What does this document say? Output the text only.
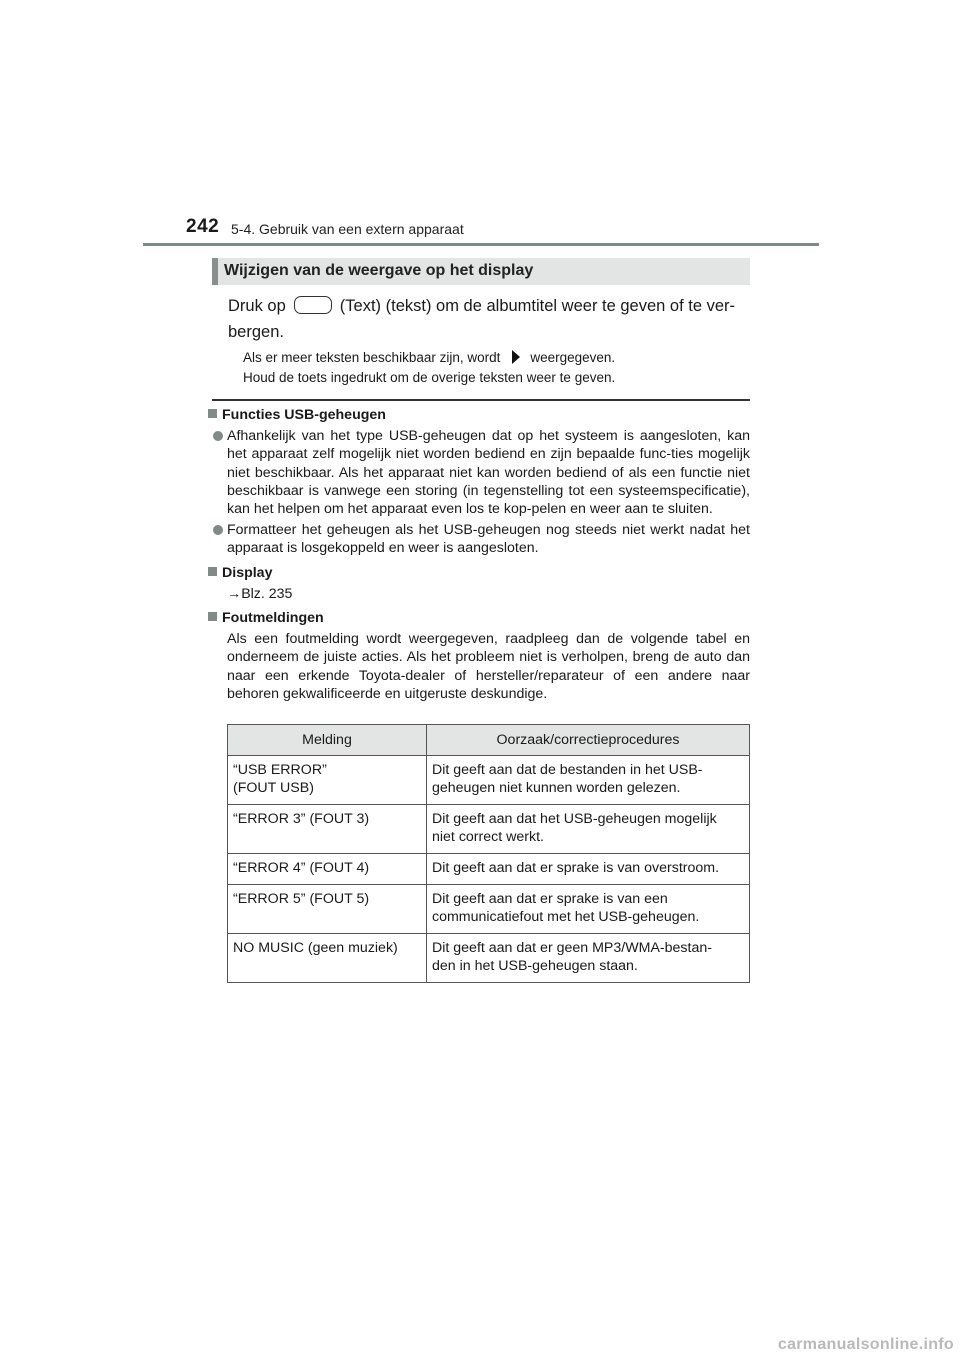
242 5-4. Gebruik van een extern apparaat
Wijzigen van de weergave op het display
Druk op	(Text) (tekst) om de albumtitel weer te geven of te ver-bergen.
Als er meer teksten beschikbaar zijn, wordt weergegeven.
Houd de toets ingedrukt om de overige teksten weer te geven.
Functies USB-geheugen
Afhankelijk van het type USB-geheugen dat op het systeem is aangesloten, kan het apparaat zelf mogelijk niet worden bediend en zijn bepaalde func-ties mogelijk niet beschikbaar. Als het apparaat niet kan worden bediend of als een functie niet beschikbaar is vanwege een storing (in tegenstelling tot een systeemspecificatie), kan het helpen om het apparaat even los te kop-pelen en weer aan te sluiten.
Formatteer het geheugen als het USB-geheugen nog steeds niet werkt nadat het apparaat is losgekoppeld en weer is aangesloten.
Display
→Blz. 235
Foutmeldingen
Als een foutmelding wordt weergegeven, raadpleeg dan de volgende tabel en onderneem de juiste acties. Als het probleem niet is verholpen, breng de auto dan naar een erkende Toyota-dealer of hersteller/reparateur of een andere naar behoren gekwalificeerde en uitgeruste deskundige.
Melding	Oorzaak/correctieprocedures
“USB ERROR”
(FOUT USB)	Dit geeft aan dat de bestanden in het USB-
geheugen niet kunnen worden gelezen.
“ERROR 3” (FOUT 3)	Dit geeft aan dat het USB-geheugen mogelijk
niet correct werkt.
“ERROR 4” (FOUT 4)	Dit geeft aan dat er sprake is van overstroom.
“ERROR 5” (FOUT 5)	Dit geeft aan dat er sprake is van een
communicatiefout met het USB-geheugen.
NO MUSIC (geen muziek)	Dit geeft aan dat er geen MP3/WMA-bestan-
den in het USB-geheugen staan.
carmanualsonline.info
